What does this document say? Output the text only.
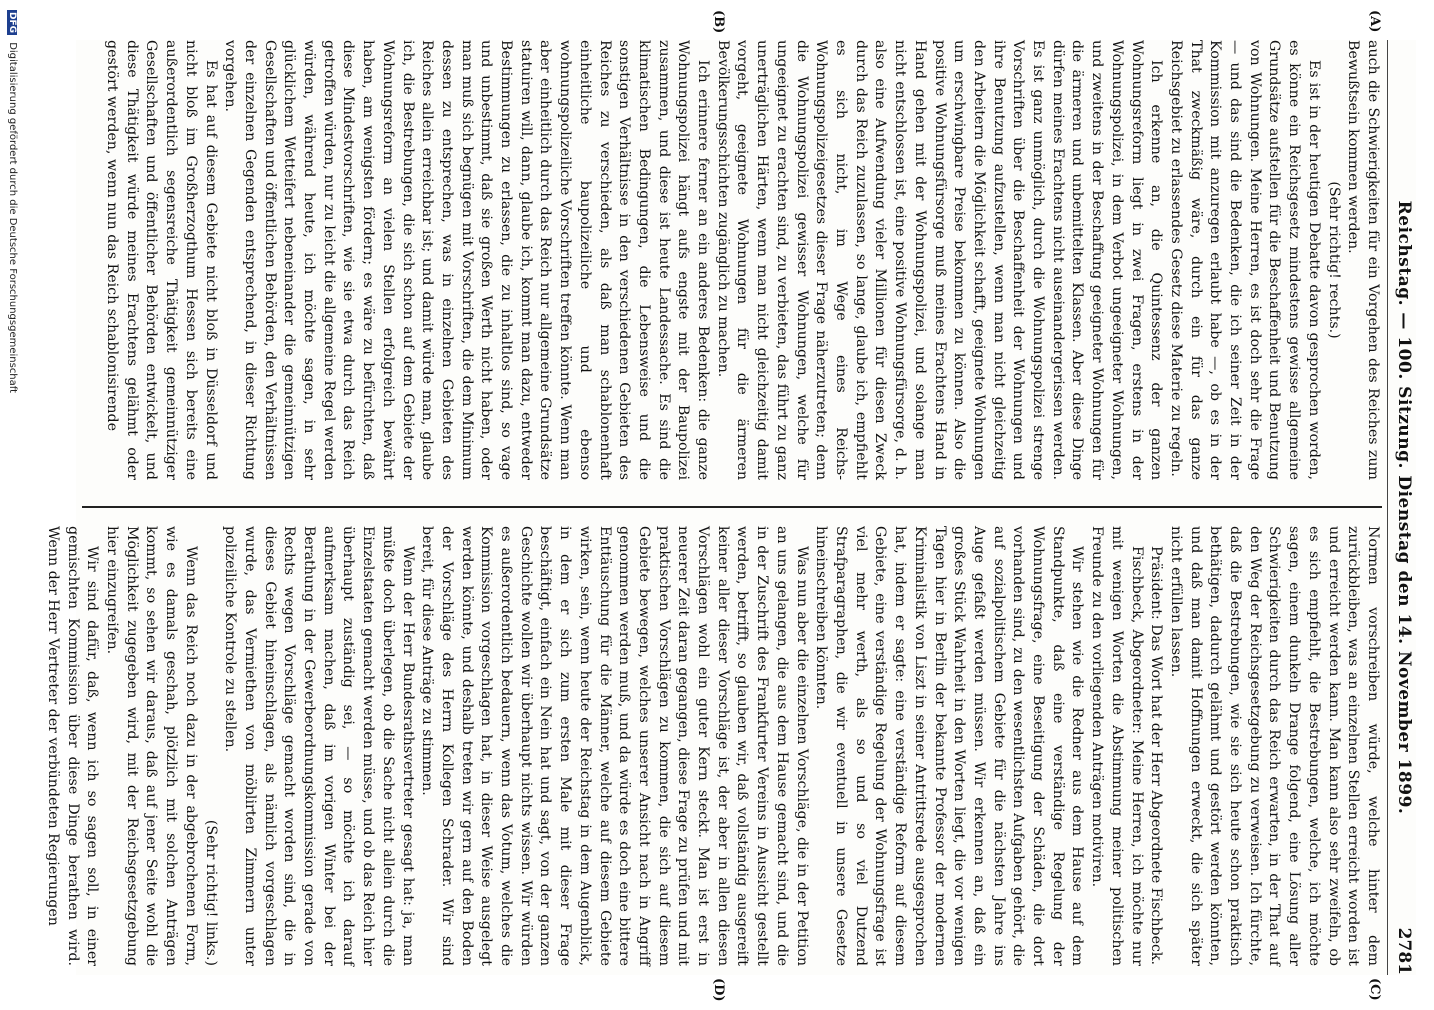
Reichstag. — 100. Sitzung. Dienstag den 14. November 1899.
2781
(A)
(B)
(C)
(D)

auch die Schwierigkeiten für ein Vorgehen des Reiches zum Bewußtsein kommen werden.

(Sehr richtig! rechts.)

Es ist in der heutigen Debatte davon gesprochen worden, es könne ein Reichsgesetz mindestens gewisse allgemeine Grundsätze aufstellen für die Beschaffenheit und Benutzung von Wohnungen. Meine Herren, es ist doch sehr die Frage — und das sind die Bedenken, die ich seiner Zeit in der Kommission mit anzuregen erlaubt habe —, ob es in der That zweckmäßig wäre, durch ein für das ganze Reichsgebiet zu erlassendes Gesetz diese Materie zu regeln.

Ich erkenne an, die Quintessenz der ganzen Wohnungsreform liegt in zwei Fragen, erstens in der Wohnungspolizei, in dem Verbot ungeeigneter Wohnungen, und zweitens in der Beschaffung geeigneter Wohnungen für die ärmeren und unbemittelten Klassen. Aber diese Dinge dürfen meines Erachtens nicht auseinandergerissen werden. Es ist ganz unmöglich, durch die Wohnungspolizei strenge Vorschriften über die Beschaffenheit der Wohnungen und ihre Benutzung aufzustellen, wenn man nicht gleichzeitig den Arbeitern die Möglichkeit schafft, geeignete Wohnungen um erschwingbare Preise bekommen zu können. Also die positive Wohnungsfürsorge muß meines Erachtens Hand in Hand gehen mit der Wohnungspolizei, und solange man nicht entschlossen ist, eine positive Wohnungsfürsorge, d. h. also eine Aufwendung vieler Millionen für diesen Zweck durch das Reich zuzulassen, so lange, glaube ich, empfiehlt es sich nicht, im Wege eines Reichs-Wohnungspolizeigesetzes dieser Frage näherzutreten; denn die Wohnungspolizei gewisser Wohnungen, welche für ungeeignet zu erachten sind, zu verbieten, das führt zu ganz unerträglichen Härten, wenn man nicht gleichzeitig damit vorgeht, geeignete Wohnungen für die ärmeren Bevölkerungsschichten zugänglich zu machen.

Ich erinnere ferner an ein anderes Bedenken: die ganze Wohnungspolizei hängt aufs engste mit der Baupolizei zusammen, und diese ist heute Landessache. Es sind die klimatischen Bedingungen, die Lebensweise und die sonstigen Verhältnisse in den verschiedenen Gebieten des Reiches zu verschieden, als daß man schablonenhaft einheitliche baupolizeiliche und ebenso wohnungspolizeiliche Vorschriften treffen könnte. Wenn man aber einheitlich durch das Reich nur allgemeine Grundsätze statuiren will, dann, glaube ich, kommt man dazu, entweder Bestimmungen zu erlassen, die zu inhaltlos sind, so vage und unbestimmt, daß sie großen Werth nicht haben, oder man muß sich begnügen mit Vorschriften, die dem Minimum dessen zu entsprechen, was in einzelnen Gebieten des Reiches allein erreichbar ist; und damit würde man, glaube ich, die Bestrebungen, die sich schon auf dem Gebiete der Wohnungsreform an vielen Stellen erfolgreich bewährt haben, am wenigsten fördern; es wäre zu befürchten, daß diese Mindestvorschriften, wie sie etwa durch das Reich getroffen würden, nur zu leicht die allgemeine Regel werden würden, während heute, ich möchte sagen, in sehr glücklichem Wetteifert nebeneinander die gemeinnützigen Gesellschaften und öffentlichen Behörden, den Verhältnissen der einzelnen Gegenden entsprechend, in dieser Richtung vorgehen.

Es hat auf diesem Gebiete nicht bloß in Düsseldorf und nicht bloß im Großherzogthum Hessen sich bereits eine außerordentlich segensreiche Thätigkeit gemeinnütziger Gesellschaften und öffentlicher Behörden entwickelt, und diese Thätigkeit würde meines Erachtens gelähmt oder gestört werden, wenn nun das Reich schablonisirende

Normen vorschreiben würde, welche hinter dem zurückbleiben, was an einzelnen Stellen erreicht worden ist und erreicht werden kann. Man kann also sehr zweifeln, ob es sich empfiehlt, die Bestrebungen, welche, ich möchte sagen, einem dunkeln Drange folgend, eine Lösung aller Schwierigkeiten durch das Reich erwarten, in der That auf den Weg der Reichsgesetzgebung zu verweisen. Ich fürchte, daß die Bestrebungen, wie sie sich heute schon praktisch bethätigen, dadurch gelähmt und gestört werden könnten, und daß man damit Hoffnungen erweckt, die sich später nicht erfüllen lassen.

Präsident: Das Wort hat der Herr Abgeordnete Fischbeck.

Fischbeck, Abgeordneter: Meine Herren, ich möchte nur mit wenigen Worten die Abstimmung meiner politischen Freunde zu den vorliegenden Anträgen motiviren.

Wir stehen wie die Redner aus dem Hause auf dem Standpunkte, daß eine verständige Regelung der Wohnungsfrage, eine Beseitigung der Schäden, die dort vorhanden sind, zu den wesentlichsten Aufgaben gehört, die auf sozialpolitischem Gebiete für die nächsten Jahre ins Auge gefaßt werden müssen. Wir erkennen an, daß ein großes Stück Wahrheit in den Worten liegt, die vor wenigen Tagen hier in Berlin der bekannte Professor der modernen Kriminalistik von Liszt in seiner Antrittsrede ausgesprochen hat, indem er sagte: eine verständige Reform auf diesem Gebiete, eine verständige Regelung der Wohnungsfrage ist viel mehr werth, als so und so viel Dutzend Strafparagraphen, die wir eventuell in unsere Gesetze hineinschreiben könnten.

Was nun aber die einzelnen Vorschläge, die in der Petition an uns gelangen, die aus dem Hause gemacht sind, und die in der Zuschrift des Frankfurter Vereins in Aussicht gestellt werden, betrifft, so glauben wir, daß vollständig ausgereift keiner aller dieser Vorschläge ist, der aber in allen diesen Vorschlägen wohl ein guter Kern steckt. Man ist erst in neuerer Zeit daran gegangen, diese Frage zu prüfen und mit praktischen Vorschlägen zu kommen, die sich auf diesem Gebiete bewegen, welches unserer Ansicht nach in Angriff genommen werden muß, und da würde es doch eine bittere Enttäuschung für die Männer, welche auf diesem Gebiete wirken, sein, wenn heute der Reichstag in dem Augenblick, in dem er sich zum ersten Male mit dieser Frage beschäftigt, einfach ein Nein hat und sagt, von der ganzen Geschichte wollen wir überhaupt nichts wissen. Wir würden es außerordentlich bedauern, wenn das Votum, welches die Kommission vorgeschlagen hat, in dieser Weise ausgelegt werden könnte, und deshalb treten wir gern auf den Boden der Vorschläge des Herrn Kollegen Schrader. Wir sind bereit, für diese Anträge zu stimmen.

Wenn der Herr Bundesrathsvertreter gesagt hat: ja, man müßte doch überlegen, ob die Sache nicht allein durch die Einzelstaaten gemacht werden müsse, und ob das Reich hier überhaupt zuständig sei, — so möchte ich darauf aufmerksam machen, daß im vorigen Winter bei der Berathung in der Gewerbeordnungskommission gerade von Rechts wegen Vorschläge gemacht worden sind, die in dieses Gebiet hineinschlagen, als nämlich vorgeschlagen wurde, das Vermiethen von möblirten Zimmern unter polizeiliche Kontrole zu stellen.

(Sehr richtig! links.)

Wenn das Reich noch dazu in der abgebrochenen Form, wie es damals geschah, plötzlich mit solchen Anträgen kommt, so sehen wir daraus, daß auf jener Seite wohl die Möglichkeit zugegeben wird, mit der Reichsgesetzgebung hier einzugreifen.

Wir sind dafür, daß, wenn ich so sagen soll, in einer gemischten Kommission über diese Dinge berathen wird. Wenn der Herr Vertreter der verbündeten Regierungen

DFG Digitalisierung gefördert durch die Deutsche Forschungsgemeinschaft
